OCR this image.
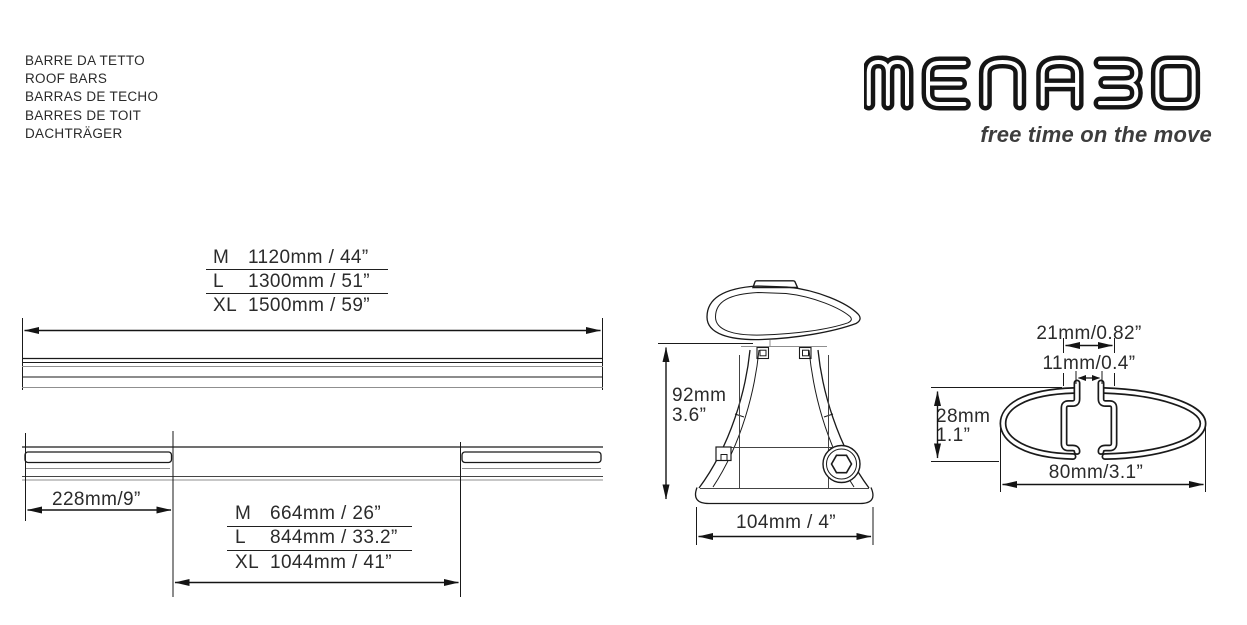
BARRE DA TETTO
ROOF BARS
BARRAS DE TECHO
BARRES DE TOIT
DACHTRÄGER	free time on the move
M 1120mm / 44”
L	1300mm / 51”
XL 1500mm / 59”
M 664mm / 26”
L	844mm / 33.2”
XL 1044mm / 41”
228mm/9”
92mm
3.6”
104mm / 4”
21mm/0.82”
11mm/0.4”
28mm
1.1”
80mm/3.1”
